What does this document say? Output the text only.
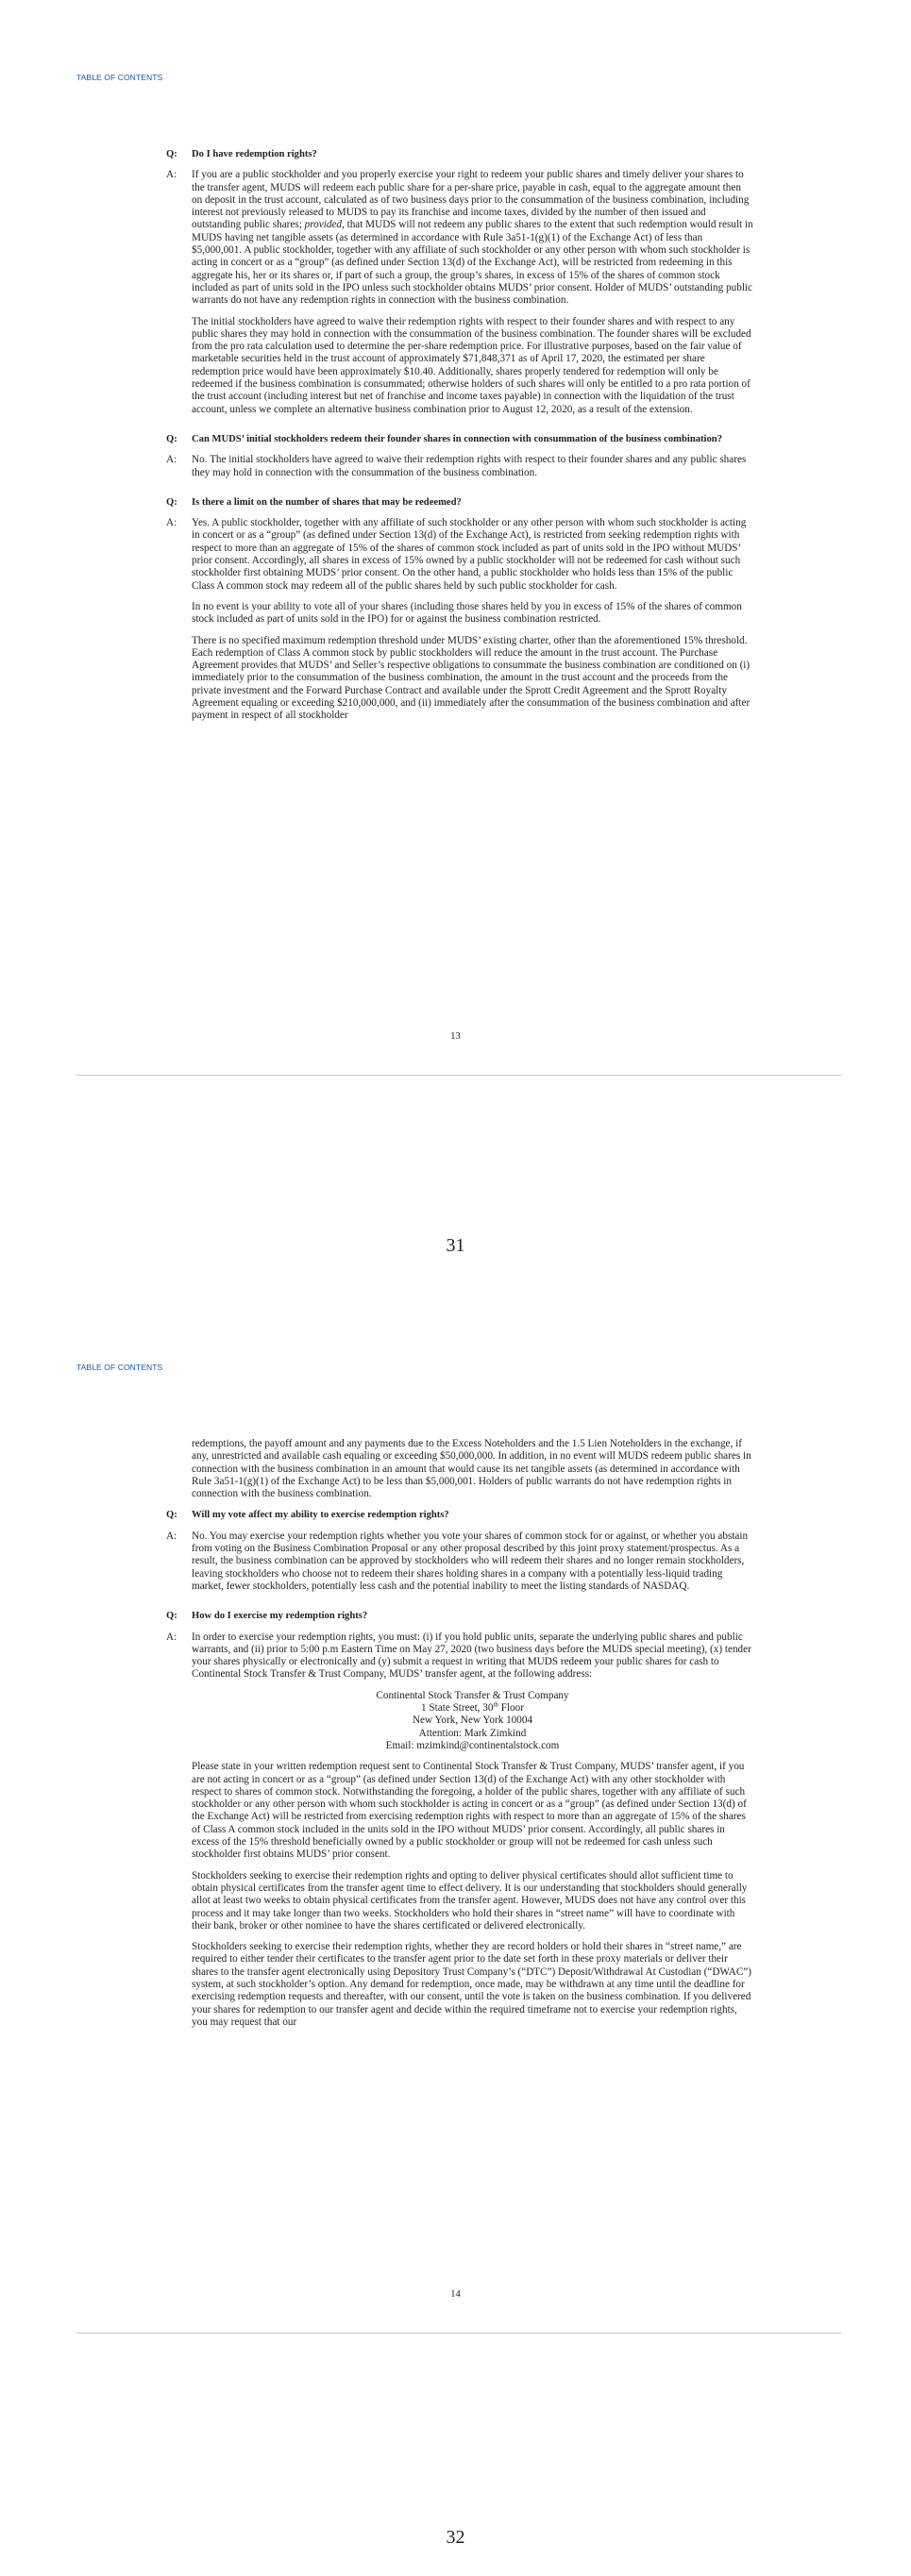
TABLE OF CONTENTS
Q:	Do I have redemption rights?
A:	If you are a public stockholder and you properly exercise your right to redeem your public shares and timely deliver your shares to the transfer agent, MUDS will redeem each public share for a per-share price, payable in cash, equal to the aggregate amount then on deposit in the trust account, calculated as of two business days prior to the consummation of the business combination, including interest not previously released to MUDS to pay its franchise and income taxes, divided by the number of then issued and outstanding public shares; provided, that MUDS will not redeem any public shares to the extent that such redemption would result in MUDS having net tangible assets (as determined in accordance with Rule 3a51-1(g)(1) of the Exchange Act) of less than $5,000,001. A public stockholder, together with any affiliate of such stockholder or any other person with whom such stockholder is acting in concert or as a “group” (as defined under Section 13(d) of the Exchange Act), will be restricted from redeeming in this aggregate his, her or its shares or, if part of such a group, the group’s shares, in excess of 15% of the shares of common stock included as part of units sold in the IPO unless such stockholder obtains MUDS’ prior consent. Holder of MUDS’ outstanding public warrants do not have any redemption rights in connection with the business combination.

The initial stockholders have agreed to waive their redemption rights with respect to their founder shares and with respect to any public shares they may hold in connection with the consummation of the business combination. The founder shares will be excluded from the pro rata calculation used to determine the per-share redemption price. For illustrative purposes, based on the fair value of marketable securities held in the trust account of approximately $71,848,371 as of April 17, 2020, the estimated per share redemption price would have been approximately $10.40. Additionally, shares properly tendered for redemption will only be redeemed if the business combination is consummated; otherwise holders of such shares will only be entitled to a pro rata portion of the trust account (including interest but net of franchise and income taxes payable) in connection with the liquidation of the trust account, unless we complete an alternative business combination prior to August 12, 2020, as a result of the extension.

Q:	Can MUDS’ initial stockholders redeem their founder shares in connection with consummation of the business combination?
A:	No. The initial stockholders have agreed to waive their redemption rights with respect to their founder shares and any public shares they may hold in connection with the consummation of the business combination.

Q:	Is there a limit on the number of shares that may be redeemed?
A:	Yes. A public stockholder, together with any affiliate of such stockholder or any other person with whom such stockholder is acting in concert or as a “group” (as defined under Section 13(d) of the Exchange Act), is restricted from seeking redemption rights with respect to more than an aggregate of 15% of the shares of common stock included as part of units sold in the IPO without MUDS’ prior consent. Accordingly, all shares in excess of 15% owned by a public stockholder will not be redeemed for cash without such stockholder first obtaining MUDS’ prior consent. On the other hand, a public stockholder who holds less than 15% of the public Class A common stock may redeem all of the public shares held by such public stockholder for cash.

In no event is your ability to vote all of your shares (including those shares held by you in excess of 15% of the shares of common stock included as part of units sold in the IPO) for or against the business combination restricted.

There is no specified maximum redemption threshold under MUDS’ existing charter, other than the aforementioned 15% threshold. Each redemption of Class A common stock by public stockholders will reduce the amount in the trust account. The Purchase Agreement provides that MUDS’ and Seller’s respective obligations to consummate the business combination are conditioned on (i) immediately prior to the consummation of the business combination, the amount in the trust account and the proceeds from the private investment and the Forward Purchase Contract and available under the Sprott Credit Agreement and the Sprott Royalty Agreement equaling or exceeding $210,000,000, and (ii) immediately after the consummation of the business combination and after payment in respect of all stockholder

13
31
TABLE OF CONTENTS

redemptions, the payoff amount and any payments due to the Excess Noteholders and the 1.5 Lien Noteholders in the exchange, if any, unrestricted and available cash equaling or exceeding $50,000,000. In addition, in no event will MUDS redeem public shares in connection with the business combination in an amount that would cause its net tangible assets (as determined in accordance with Rule 3a51-1(g)(1) of the Exchange Act) to be less than $5,000,001. Holders of public warrants do not have redemption rights in connection with the business combination.

Q:	Will my vote affect my ability to exercise redemption rights?
A:	No. You may exercise your redemption rights whether you vote your shares of common stock for or against, or whether you abstain from voting on the Business Combination Proposal or any other proposal described by this joint proxy statement/prospectus. As a result, the business combination can be approved by stockholders who will redeem their shares and no longer remain stockholders, leaving stockholders who choose not to redeem their shares holding shares in a company with a potentially less-liquid trading market, fewer stockholders, potentially less cash and the potential inability to meet the listing standards of NASDAQ.

Q:	How do I exercise my redemption rights?
A:	In order to exercise your redemption rights, you must: (i) if you hold public units, separate the underlying public shares and public warrants, and (ii) prior to 5:00 p.m Eastern Time on May 27, 2020 (two business days before the MUDS special meeting), (x) tender your shares physically or electronically and (y) submit a request in writing that MUDS redeem your public shares for cash to Continental Stock Transfer & Trust Company, MUDS’ transfer agent, at the following address:

Continental Stock Transfer & Trust Company
1 State Street, 30th Floor
New York, New York 10004
Attention: Mark Zimkind
Email: mzimkind@continentalstock.com

Please state in your written redemption request sent to Continental Stock Transfer & Trust Company, MUDS’ transfer agent, if you are not acting in concert or as a “group” (as defined under Section 13(d) of the Exchange Act) with any other stockholder with respect to shares of common stock. Notwithstanding the foregoing, a holder of the public shares, together with any affiliate of such stockholder or any other person with whom such stockholder is acting in concert or as a “group” (as defined under Section 13(d) of the Exchange Act) will be restricted from exercising redemption rights with respect to more than an aggregate of 15% of the shares of Class A common stock included in the units sold in the IPO without MUDS’ prior consent. Accordingly, all public shares in excess of the 15% threshold beneficially owned by a public stockholder or group will not be redeemed for cash unless such stockholder first obtains MUDS’ prior consent.

Stockholders seeking to exercise their redemption rights and opting to deliver physical certificates should allot sufficient time to obtain physical certificates from the transfer agent time to effect delivery. It is our understanding that stockholders should generally allot at least two weeks to obtain physical certificates from the transfer agent. However, MUDS does not have any control over this process and it may take longer than two weeks. Stockholders who hold their shares in “street name” will have to coordinate with their bank, broker or other nominee to have the shares certificated or delivered electronically.

Stockholders seeking to exercise their redemption rights, whether they are record holders or hold their shares in “street name,” are required to either tender their certificates to the transfer agent prior to the date set forth in these proxy materials or deliver their shares to the transfer agent electronically using Depository Trust Company’s (“DTC”) Deposit/Withdrawal At Custodian (“DWAC”) system, at such stockholder’s option. Any demand for redemption, once made, may be withdrawn at any time until the deadline for exercising redemption requests and thereafter, with our consent, until the vote is taken on the business combination. If you delivered your shares for redemption to our transfer agent and decide within the required timeframe not to exercise your redemption rights, you may request that our

14
32
